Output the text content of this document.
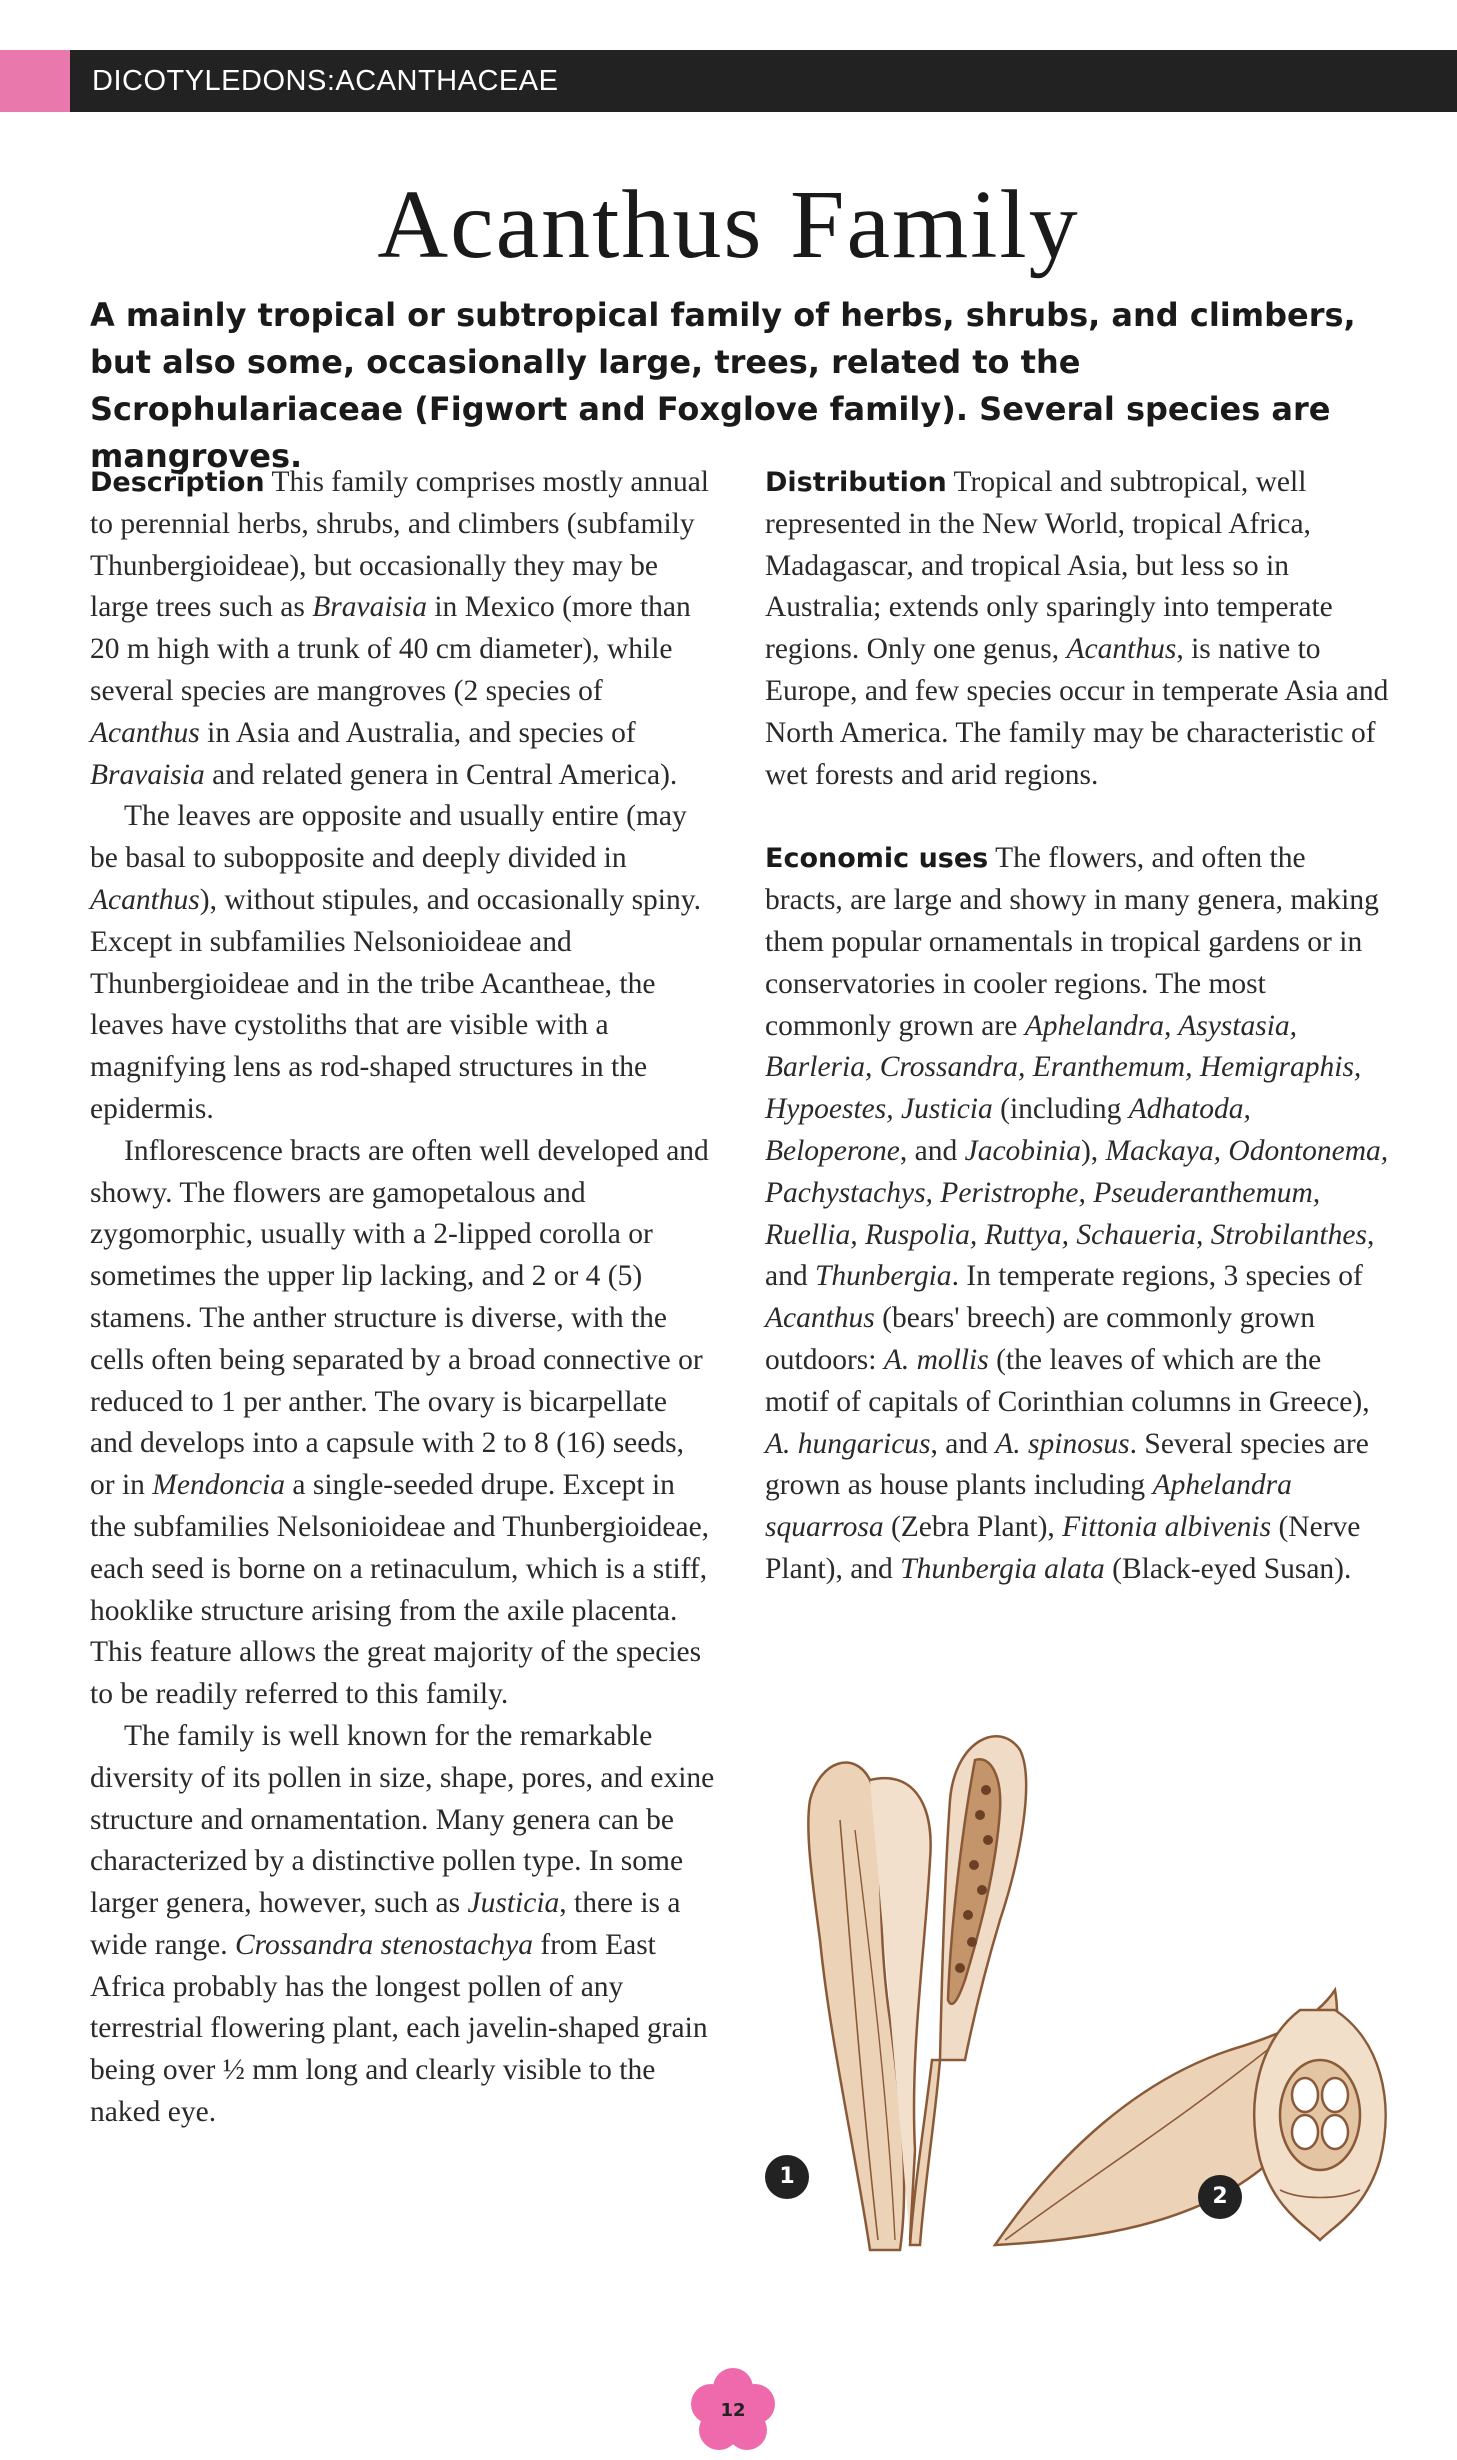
DICOTYLEDONS:ACANTHACEAE
Acanthus Family

A mainly tropical or subtropical family of herbs, shrubs, and climbers, but also some, occasionally large, trees, related to the Scrophulariaceae (Figwort and Foxglove family). Several species are mangroves.

Description This family comprises mostly annual to perennial herbs, shrubs, and climbers (subfamily Thunbergioideae), but occasionally they may be large trees such as Bravaisia in Mexico (more than 20 m high with a trunk of 40 cm diameter), while several species are mangroves (2 species of Acanthus in Asia and Australia, and species of Bravaisia and related genera in Central America).

The leaves are opposite and usually entire (may be basal to subopposite and deeply divided in Acanthus), without stipules, and occasionally spiny. Except in subfamilies Nelsonioideae and Thunbergioideae and in the tribe Acantheae, the leaves have cystoliths that are visible with a magnifying lens as rod-shaped structures in the epidermis.

Inflorescence bracts are often well developed and showy. The flowers are gamopetalous and zygomorphic, usually with a 2-lipped corolla or sometimes the upper lip lacking, and 2 or 4 (5) stamens. The anther structure is diverse, with the cells often being separated by a broad connective or reduced to 1 per anther. The ovary is bicarpellate and develops into a capsule with 2 to 8 (16) seeds, or in Mendoncia a single-seeded drupe. Except in the subfamilies Nelsonioideae and Thunbergioideae, each seed is borne on a retinaculum, which is a stiff, hooklike structure arising from the axile placenta. This feature allows the great majority of the species to be readily referred to this family.

The family is well known for the remarkable diversity of its pollen in size, shape, pores, and exine structure and ornamentation. Many genera can be characterized by a distinctive pollen type. In some larger genera, however, such as Justicia, there is a wide range. Crossandra stenostachya from East Africa probably has the longest pollen of any terrestrial flowering plant, each javelin-shaped grain being over ½ mm long and clearly visible to the naked eye.

Distribution Tropical and subtropical, well represented in the New World, tropical Africa, Madagascar, and tropical Asia, but less so in Australia; extends only sparingly into temperate regions. Only one genus, Acanthus, is native to Europe, and few species occur in temperate Asia and North America. The family may be characteristic of wet forests and arid regions.

Economic uses The flowers, and often the bracts, are large and showy in many genera, making them popular ornamentals in tropical gardens or in conservatories in cooler regions. The most commonly grown are Aphelandra, Asystasia, Barleria, Crossandra, Eranthemum, Hemigraphis, Hypoestes, Justicia (including Adhatoda, Beloperone, and Jacobinia), Mackaya, Odontonema, Pachystachys, Peristrophe, Pseuderanthemum, Ruellia, Ruspolia, Ruttya, Schaueria, Strobilanthes, and Thunbergia. In temperate regions, 3 species of Acanthus (bears' breech) are commonly grown outdoors: A. mollis (the leaves of which are the motif of capitals of Corinthian columns in Greece), A. hungaricus, and A. spinosus. Several species are grown as house plants including Aphelandra squarrosa (Zebra Plant), Fittonia albivenis (Nerve Plant), and Thunbergia alata (Black-eyed Susan).

1
2
12
